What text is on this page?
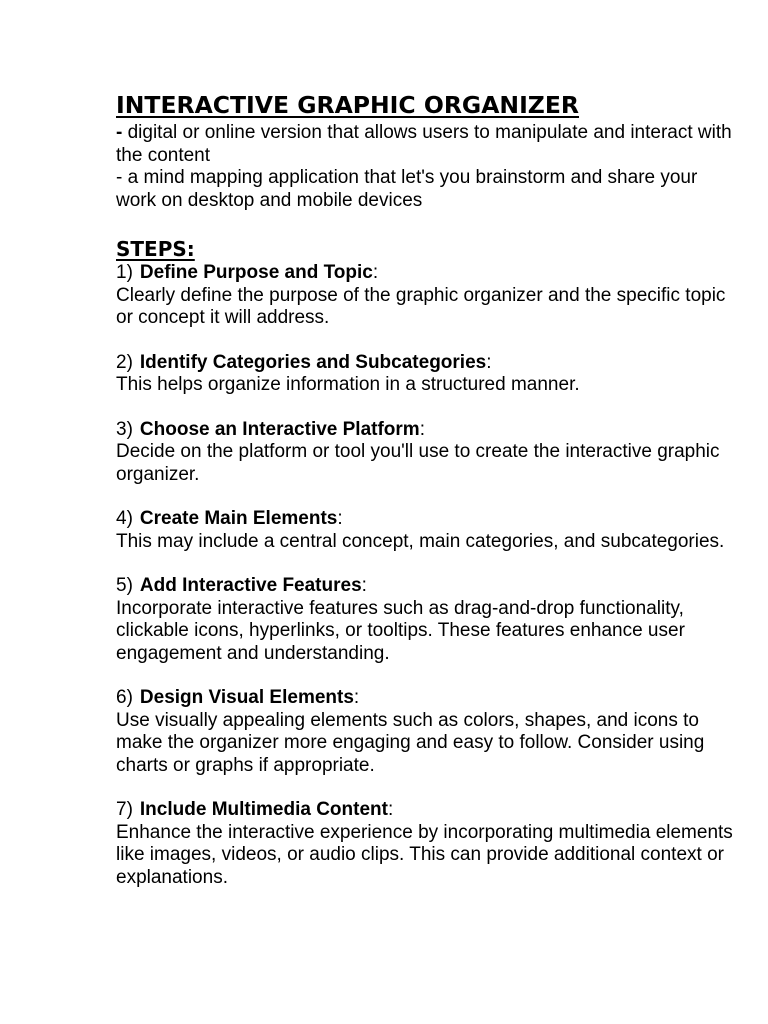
INTERACTIVE GRAPHIC ORGANIZER
- digital or online version that allows users to manipulate and interact with the content
- a mind mapping application that let's you brainstorm and share your work on desktop and mobile devices
STEPS:
1) Define Purpose and Topic:
Clearly define the purpose of the graphic organizer and the specific topic or concept it will address.
2) Identify Categories and Subcategories:
This helps organize information in a structured manner.
3) Choose an Interactive Platform:
Decide on the platform or tool you'll use to create the interactive graphic organizer.
4) Create Main Elements:
This may include a central concept, main categories, and subcategories.
5) Add Interactive Features:
Incorporate interactive features such as drag-and-drop functionality, clickable icons, hyperlinks, or tooltips. These features enhance user engagement and understanding.
6) Design Visual Elements:
Use visually appealing elements such as colors, shapes, and icons to make the organizer more engaging and easy to follow. Consider using charts or graphs if appropriate.
7) Include Multimedia Content:
Enhance the interactive experience by incorporating multimedia elements like images, videos, or audio clips. This can provide additional context or explanations.
